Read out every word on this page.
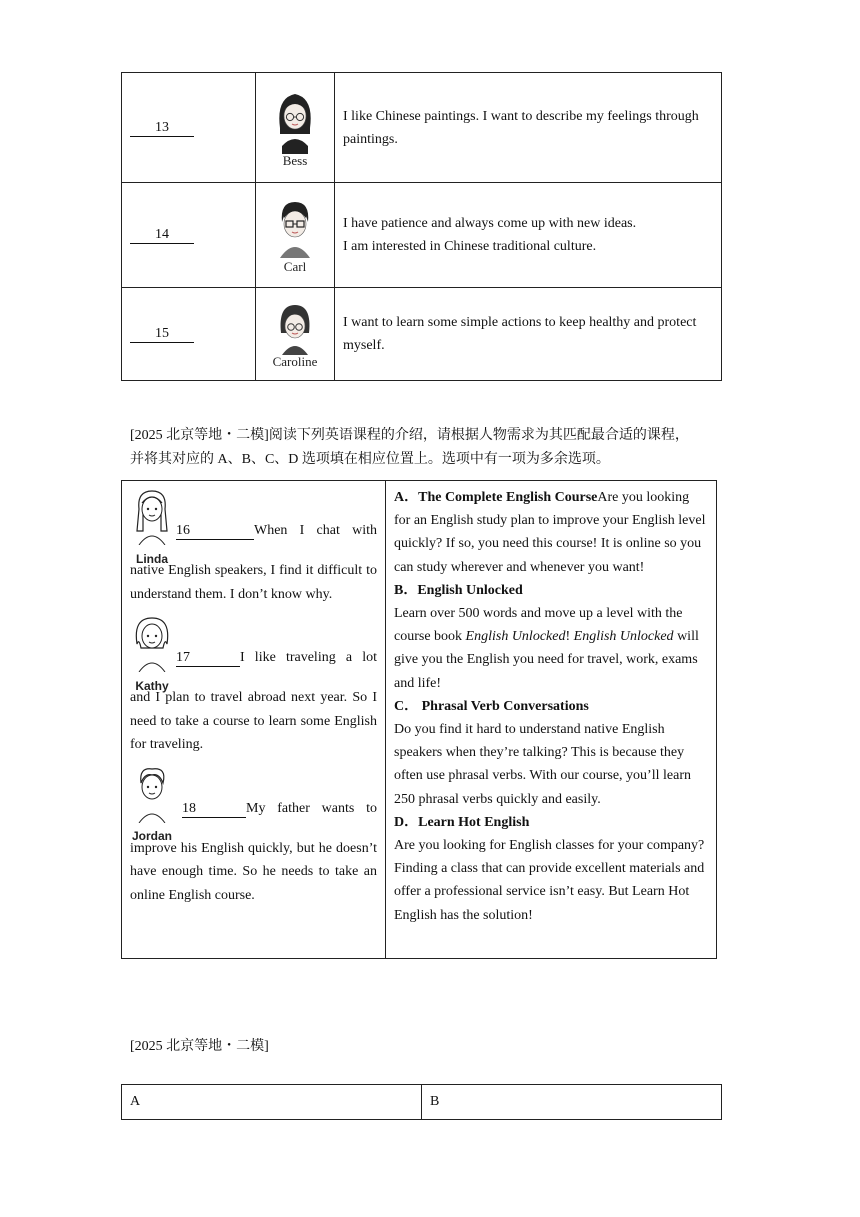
13	Bess	I like Chinese paintings. I want to describe my feelings through paintings.
14	Carl	I have patience and always come up with new ideas.
I am interested in Chinese traditional culture.

15	Caroline	I want to learn some simple actions to keep healthy and protect myself.
[2025 北京等地・二模]阅读下列英语课程的介绍，请根据人物需求为其匹配最合适的课程，
并将其对应的 A、B、C、D 选项填在相应位置上。选项中有一项为多余选项。
Linda
16	When I chat with
native English speakers, I find it difficult to understand them. I don’t know why.
Kathy
17	I like traveling a lot
and I plan to travel abroad next year. So I need to take a course to learn some English for traveling.
Jordan
18	My father wants to
improve his English quickly, but he doesn’t have enough time. So he needs to take an online English course.

A．The Complete English CourseAre you looking for an English study plan to improve your English level quickly? If so, you need this course! It is online so you can study wherever and whenever you want!
B．English Unlocked
Learn over 500 words and move up a level with the course book English Unlocked! English Unlocked will give you the English you need for travel, work, exams and life!
C． Phrasal Verb Conversations
Do you find it hard to understand native English speakers when they’re talking? This is because they often use phrasal verbs. With our course, you’ll learn 250 phrasal verbs quickly and easily.
D．Learn Hot English
Are you looking for English classes for your company? Finding a class that can provide excellent materials and offer a professional service isn’t easy. But Learn Hot English has the solution!
[2025 北京等地・二模]
A	B
